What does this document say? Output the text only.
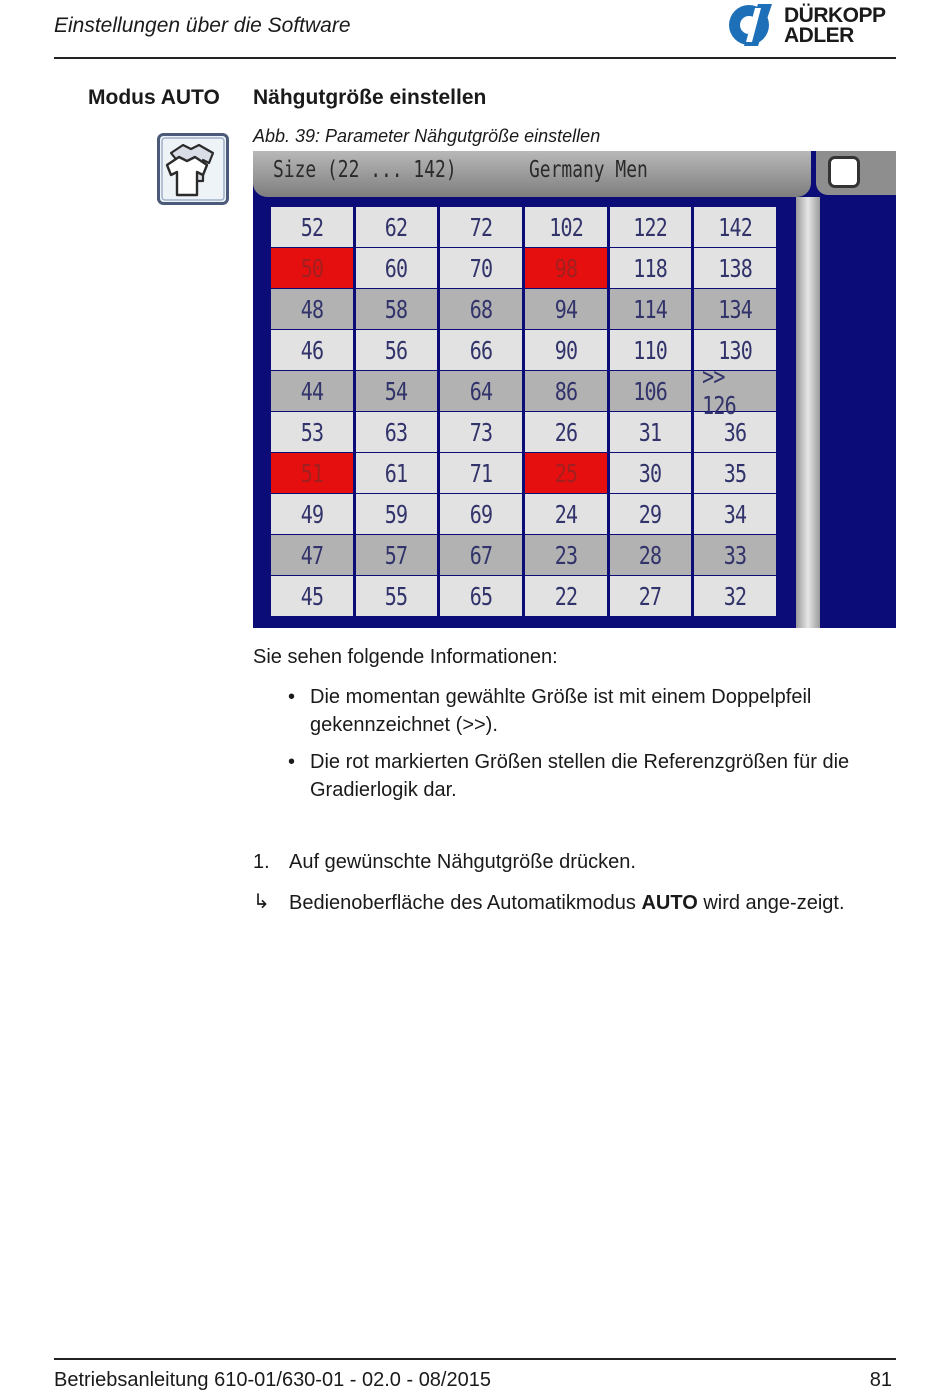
Einstellungen über die Software	DÜRKOPP
ADLER
Modus AUTO Nähgutgröße einstellen
Abb. 39: Parameter Nähgutgröße einstellen
Size (22 ... 142)	Germany Men
52 62 72 102 122 142
50 60 70 98 118 138
48 58 68 94 114 134
46 56 66 90 110 130
44 54 64 86 106 >> 126
53 63 73 26 31 36
51 61 71 25 30 35
49 59 69 24 29 34
47 57 67 23 28 33
45 55 65 22 27 32
Sie sehen folgende Informationen:
• Die momentan gewählte Größe ist mit einem Doppelpfeil gekennzeichnet (>>).
• Die rot markierten Größen stellen die Referenzgrößen für die Gradierlogik dar.
1. Auf gewünschte Nähgutgröße drücken.
↳ Bedienoberfläche des Automatikmodus AUTO wird ange-zeigt.
Betriebsanleitung 610-01/630-01 - 02.0 - 08/2015	81
